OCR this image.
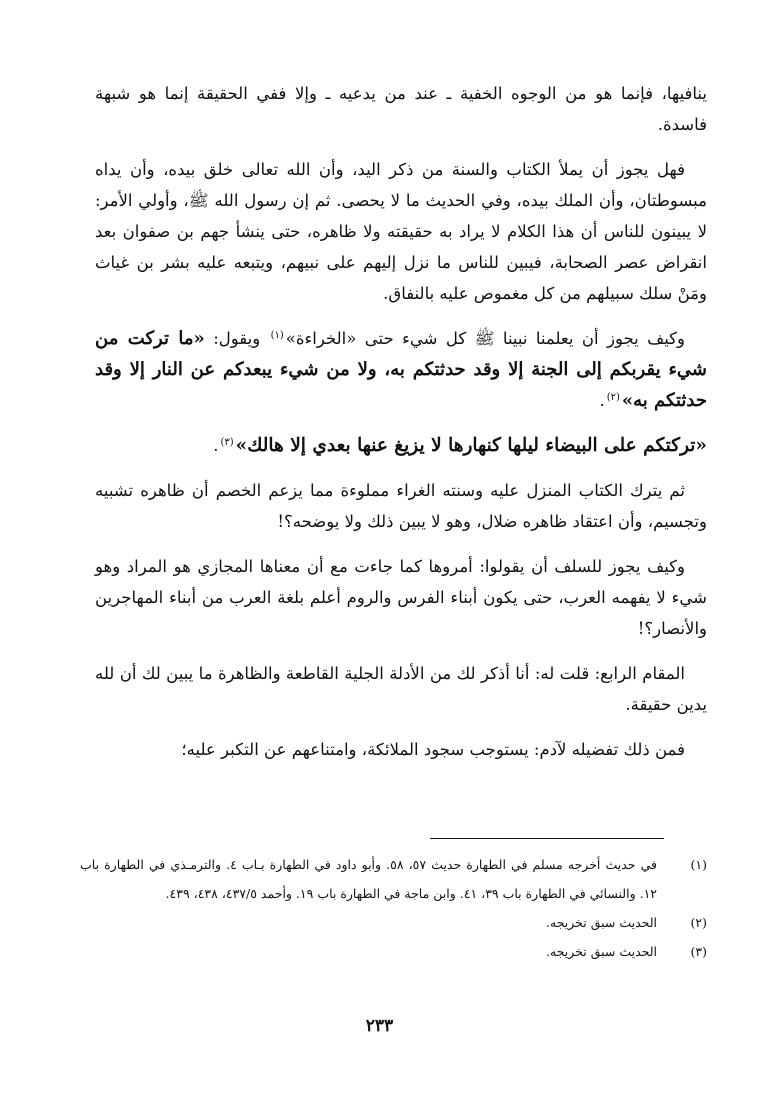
ينافيها، فإنما هو من الوجوه الخفية ـ عند من يدعيه ـ وإلا ففي الحقيقة إنما هو شبهة فاسدة.

فهل يجوز أن يملأ الكتاب والسنة من ذكر اليد، وأن الله تعالى خلق بيده، وأن يداه مبسوطتان، وأن الملك بيده، وفي الحديث ما لا يحصى. ثم إن رسول الله ﷺ، وأولي الأمر: لا يبينون للناس أن هذا الكلام لا يراد به حقيقته ولا ظاهره، حتى ينشأ جهم بن صفوان بعد انقراض عصر الصحابة، فيبين للناس ما نزل إليهم على نبيهم، ويتبعه عليه بشر بن غياث ومَنْ سلك سبيلهم من كل مغموص عليه بالنفاق.

وكيف يجوز أن يعلمنا نبينا ﷺ كل شيء حتى «الخراءة»$^{(١)}$ ويقول: «ما تركت من شيء يقربكم إلى الجنة إلا وقد حدثتكم به، ولا من شيء يبعدكم عن النار إلا وقد حدثتكم به»$^{(٢)}$.

«تركتكم على البيضاء ليلها كنهارها لا يزيغ عنها بعدي إلا هالك»$^{(٣)}$.

ثم يترك الكتاب المنزل عليه وسنته الغراء مملوءة مما يزعم الخصم أن ظاهره تشبيه وتجسيم، وأن اعتقاد ظاهره ضلال، وهو لا يبين ذلك ولا يوضحه؟!

وكيف يجوز للسلف أن يقولوا: أمروها كما جاءت مع أن معناها المجازي هو المراد وهو شيء لا يفهمه العرب، حتى يكون أبناء الفرس والروم أعلم بلغة العرب من أبناء المهاجرين والأنصار؟!

المقام الرابع: قلت له: أنا أذكر لك من الأدلة الجلية القاطعة والظاهرة ما يبين لك أن لله يدين حقيقة.

فمن ذلك تفضيله لآدم: يستوجب سجود الملائكة، وامتناعهم عن التكبر عليه؛

(١)
في حديث أخرجه مسلم في الطهارة حديث ٥٧، ٥٨. وأبو داود في الطهارة بـاب ٤. والترمـذي في الطهارة باب ١٢. والنسائي في الطهارة باب ٣٩، ٤١. وابن ماجة في الطهارة باب ١٩. وأحمد ٤٣٧/٥، ٤٣٨، ٤٣٩.
(٢)
الحديث سبق تخريجه.
(٣)
الحديث سبق تخريجه.
٢٣٣
